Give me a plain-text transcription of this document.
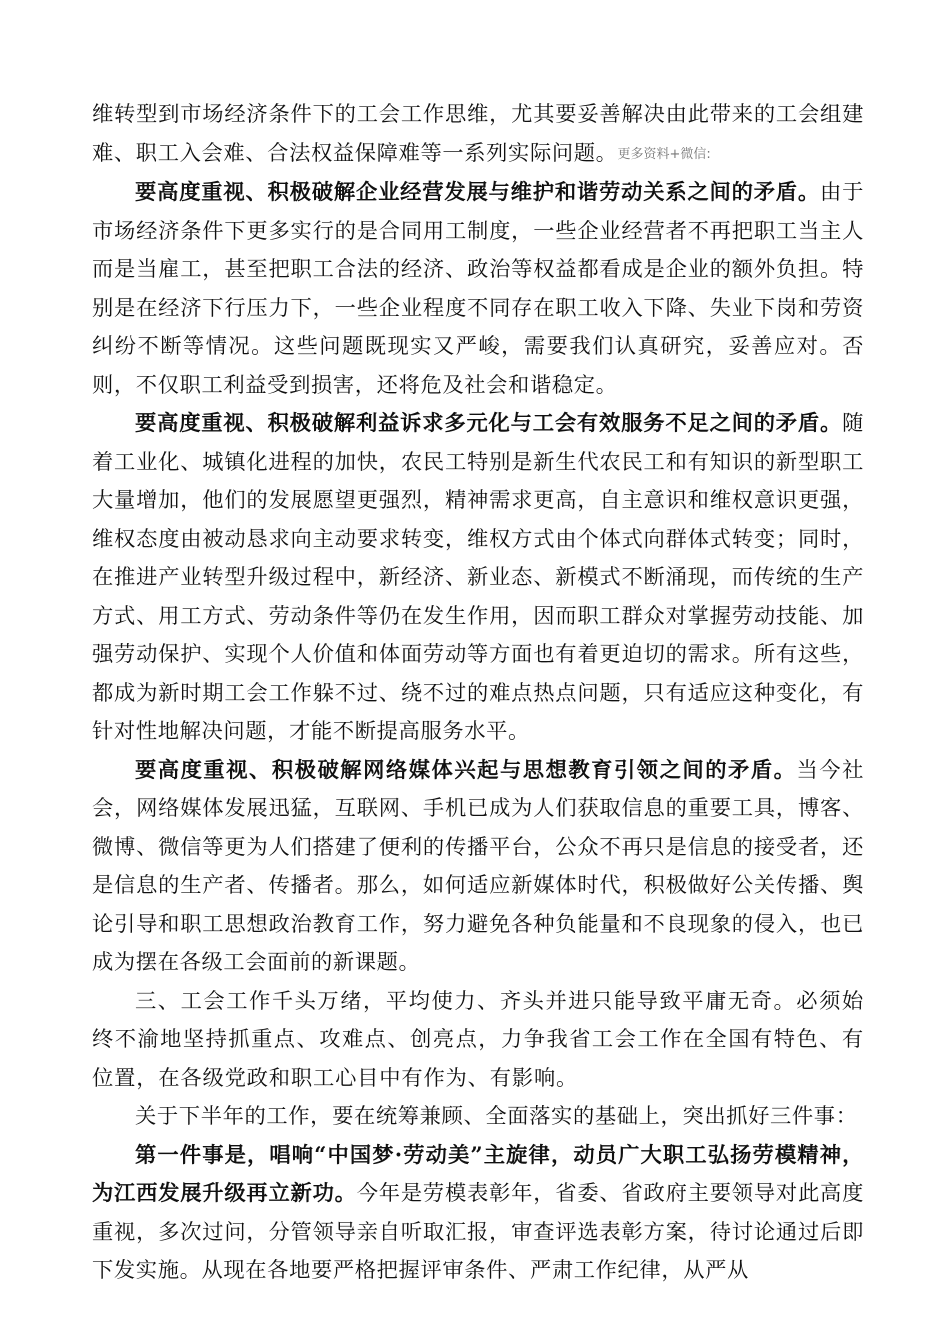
维转型到市场经济条件下的工会工作思维，尤其要妥善解决由此带来的工会组建难、职工入会难、合法权益保障难等一系列实际问题。更多资料+微信:

要高度重视、积极破解企业经营发展与维护和谐劳动关系之间的矛盾。由于市场经济条件下更多实行的是合同用工制度，一些企业经营者不再把职工当主人而是当雇工，甚至把职工合法的经济、政治等权益都看成是企业的额外负担。特别是在经济下行压力下，一些企业程度不同存在职工收入下降、失业下岗和劳资纠纷不断等情况。这些问题既现实又严峻，需要我们认真研究，妥善应对。否则，不仅职工利益受到损害，还将危及社会和谐稳定。

要高度重视、积极破解利益诉求多元化与工会有效服务不足之间的矛盾。随着工业化、城镇化进程的加快，农民工特别是新生代农民工和有知识的新型职工大量增加，他们的发展愿望更强烈，精神需求更高，自主意识和维权意识更强，维权态度由被动恳求向主动要求转变，维权方式由个体式向群体式转变；同时，在推进产业转型升级过程中，新经济、新业态、新模式不断涌现，而传统的生产方式、用工方式、劳动条件等仍在发生作用，因而职工群众对掌握劳动技能、加强劳动保护、实现个人价值和体面劳动等方面也有着更迫切的需求。所有这些，都成为新时期工会工作躲不过、绕不过的难点热点问题，只有适应这种变化，有针对性地解决问题，才能不断提高服务水平。

要高度重视、积极破解网络媒体兴起与思想教育引领之间的矛盾。当今社会，网络媒体发展迅猛，互联网、手机已成为人们获取信息的重要工具，博客、微博、微信等更为人们搭建了便利的传播平台，公众不再只是信息的接受者，还是信息的生产者、传播者。那么，如何适应新媒体时代，积极做好公关传播、舆论引导和职工思想政治教育工作，努力避免各种负能量和不良现象的侵入，也已成为摆在各级工会面前的新课题。

三、工会工作千头万绪，平均使力、齐头并进只能导致平庸无奇。必须始终不渝地坚持抓重点、攻难点、创亮点，力争我省工会工作在全国有特色、有位置，在各级党政和职工心目中有作为、有影响。

关于下半年的工作，要在统筹兼顾、全面落实的基础上，突出抓好三件事：

第一件事是，唱响“中国梦·劳动美”主旋律，动员广大职工弘扬劳模精神，为江西发展升级再立新功。今年是劳模表彰年，省委、省政府主要领导对此高度重视，多次过问，分管领导亲自听取汇报，审查评选表彰方案，待讨论通过后即下发实施。从现在各地要严格把握评审条件、严肃工作纪律，从严从
